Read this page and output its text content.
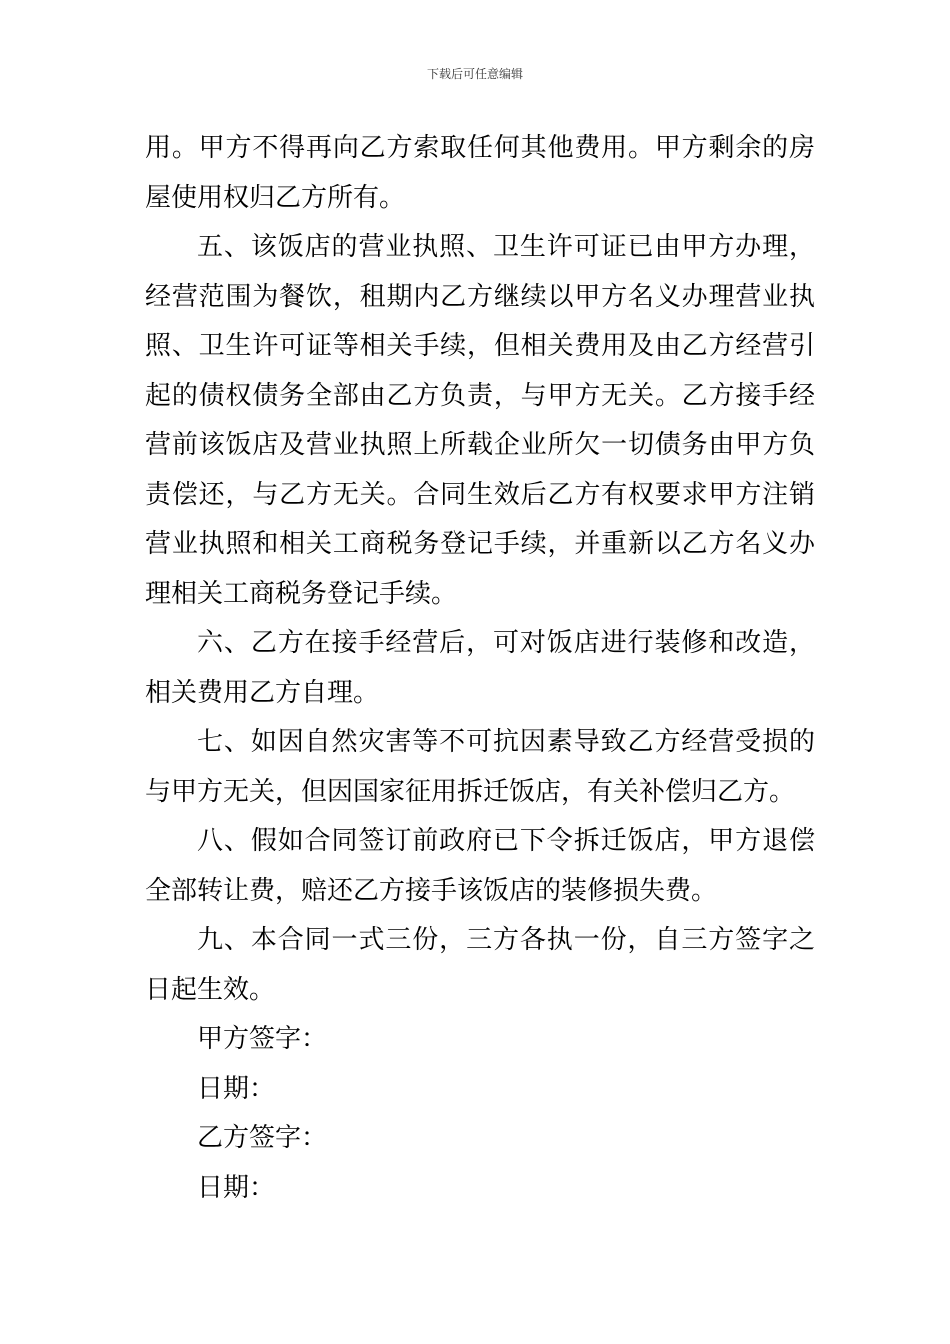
下载后可任意编辑

用。甲方不得再向乙方索取任何其他费用。甲方剩余的房屋使用权归乙方所有。

五、该饭店的营业执照、卫生许可证已由甲方办理，经营范围为餐饮，租期内乙方继续以甲方名义办理营业执照、卫生许可证等相关手续，但相关费用及由乙方经营引起的债权债务全部由乙方负责，与甲方无关。乙方接手经营前该饭店及营业执照上所载企业所欠一切债务由甲方负责偿还，与乙方无关。合同生效后乙方有权要求甲方注销营业执照和相关工商税务登记手续，并重新以乙方名义办理相关工商税务登记手续。

六、乙方在接手经营后，可对饭店进行装修和改造，相关费用乙方自理。

七、如因自然灾害等不可抗因素导致乙方经营受损的与甲方无关，但因国家征用拆迁饭店，有关补偿归乙方。

八、假如合同签订前政府已下令拆迁饭店，甲方退偿全部转让费，赔还乙方接手该饭店的装修损失费。

九、本合同一式三份，三方各执一份，自三方签字之日起生效。

甲方签字：

日期：

乙方签字：

日期：
